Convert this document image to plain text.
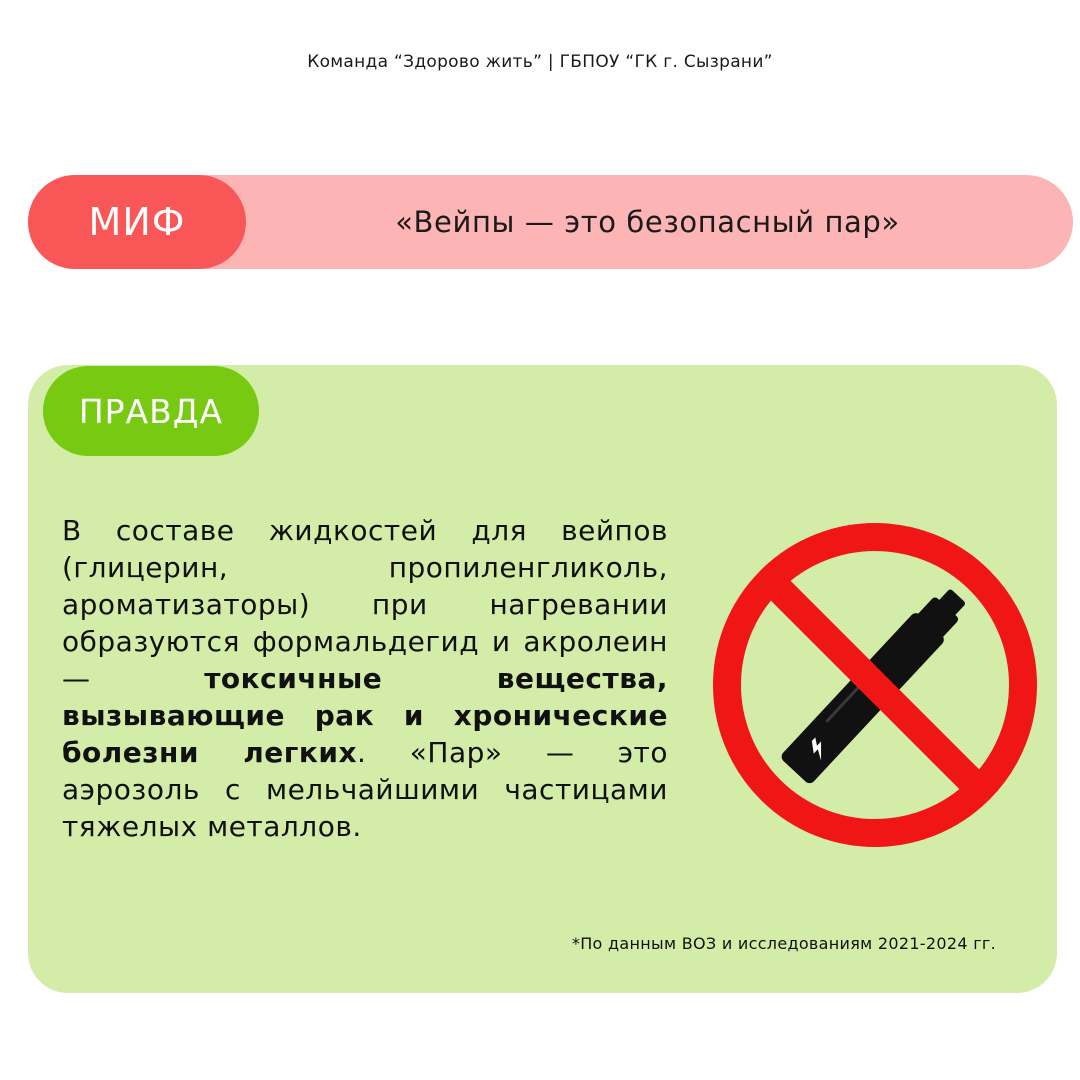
Команда “Здорово жить” | ГБПОУ “ГК г. Сызрани”
МИФ	«Вейпы — это безопасный пар»
ПРАВДА
В составе жидкостей для вейпов (глицерин, пропиленгликоль, ароматизаторы) при нагревании образуются формальдегид и акролеин — токсичные вещества, вызывающие рак и хронические болезни легких. «Пар» — это аэрозоль с мельчайшими частицами тяжелых металлов.
*По данным ВОЗ и исследованиям 2021-2024 гг.
